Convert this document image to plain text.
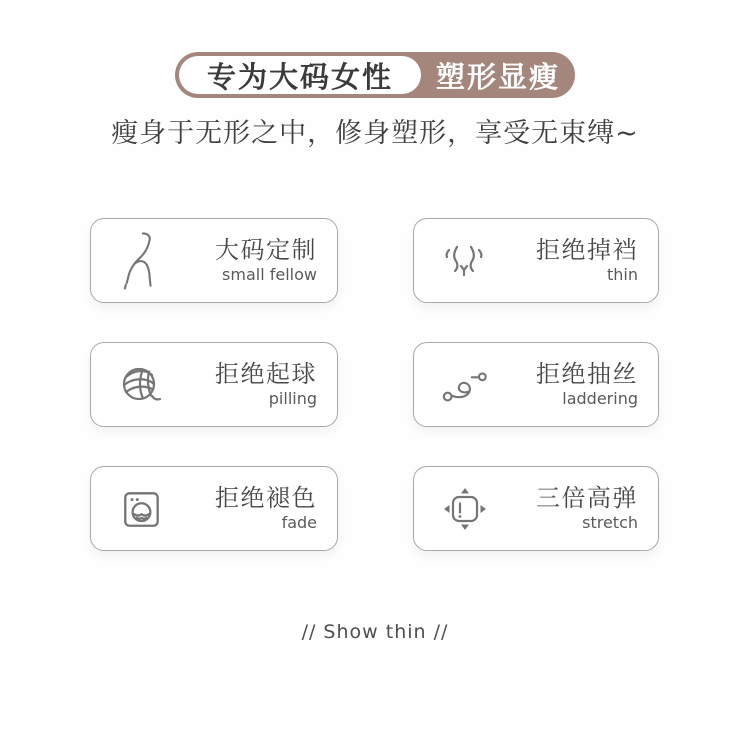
专为大码女性	塑形显瘦
瘦身于无形之中，修身塑形，享受无束缚~
大码定制
small fellow
拒绝掉裆
thin
拒绝起球
pilling
拒绝抽丝
laddering
拒绝褪色
fade
三倍高弹
stretch
// Show thin //
